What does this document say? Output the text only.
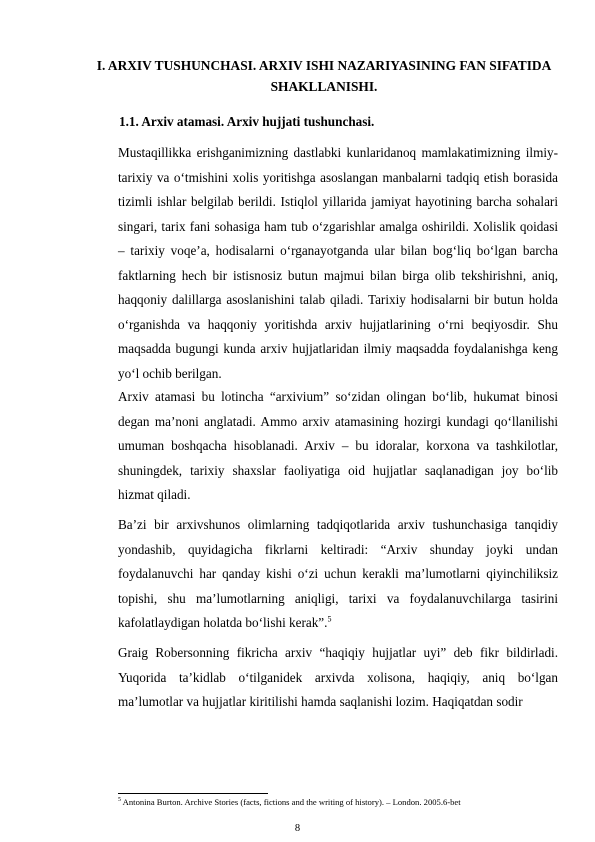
I. ARXIV TUSHUNCHASI. ARXIV ISHI NAZARIYASINING FAN SIFATIDA SHAKLLANISHI.
1.1. Arxiv atamasi. Arxiv hujjati tushunchasi.

Mustaqillikka erishganimizning dastlabki kunlaridanoq mamlakatimizning ilmiy-tarixiy va o‘tmishini xolis yoritishga asoslangan manbalarni tadqiq etish borasida tizimli ishlar belgilab berildi. Istiqlol yillarida jamiyat hayotining barcha sohalari singari, tarix fani sohasiga ham tub o‘zgarishlar amalga oshirildi. Xolislik qoidasi – tarixiy voqe’a, hodisalarni o‘rganayotganda ular bilan bog‘liq bo‘lgan barcha faktlarning hech bir istisnosiz butun majmui bilan birga olib tekshirishni, aniq, haqqoniy dalillarga asoslanishini talab qiladi. Tarixiy hodisalarni bir butun holda o‘rganishda va haqqoniy yoritishda arxiv hujjatlarining o‘rni beqiyosdir. Shu maqsadda bugungi kunda arxiv hujjatlaridan ilmiy maqsadda foydalanishga keng yo‘l ochib berilgan.

Arxiv atamasi bu lotincha “arxivium” so‘zidan olingan bo‘lib, hukumat binosi degan ma’noni anglatadi. Ammo arxiv atamasining hozirgi kundagi qo‘llanilishi umuman boshqacha hisoblanadi. Arxiv – bu idoralar, korxona va tashkilotlar, shuningdek, tarixiy shaxslar faoliyatiga oid hujjatlar saqlanadigan joy bo‘lib hizmat qiladi.

Ba’zi bir arxivshunos olimlarning tadqiqotlarida arxiv tushunchasiga tanqidiy yondashib, quyidagicha fikrlarni keltiradi: “Arxiv shunday joyki undan foydalanuvchi har qanday kishi o‘zi uchun kerakli ma’lumotlarni qiyinchiliksiz topishi, shu ma’lumotlarning aniqligi, tarixi va foydalanuvchilarga tasirini kafolatlaydigan holatda bo‘lishi kerak”.$^5$

Graig Robersonning fikricha arxiv “haqiqiy hujjatlar uyi” deb fikr bildirladi. Yuqorida ta’kidlab o‘tilganidek arxivda xolisona, haqiqiy, aniq bo‘lgan ma’lumotlar va hujjatlar kiritilishi hamda saqlanishi lozim. Haqiqatdan sodir

$^5$ Antonina Burton. Archive Stories (facts, fictions and the writing of history). – London. 2005.6-bet

8
